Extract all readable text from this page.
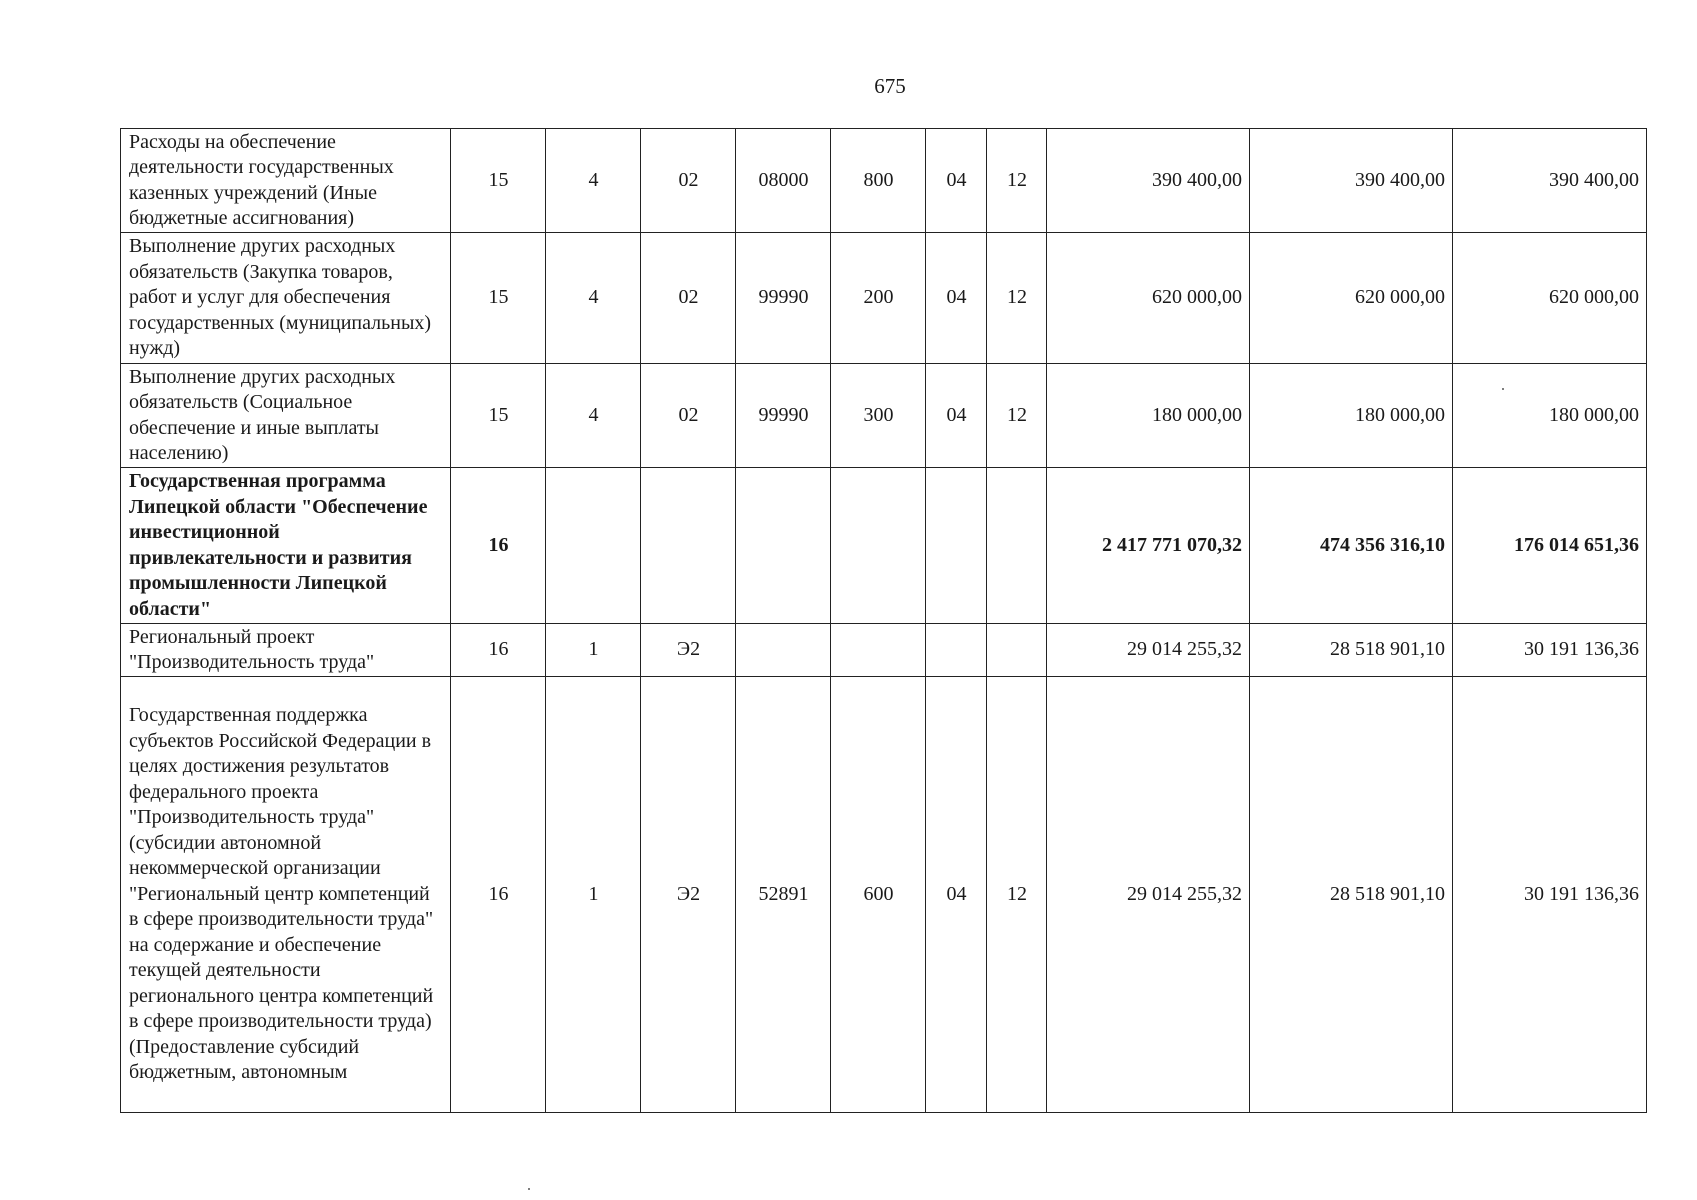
675
Расходы на обеспечение деятельности государственных казенных учреждений (Иные бюджетные ассигнования)	15	4	02	08000	800	04	12	390 400,00	390 400,00	390 400,00
Выполнение других расходных обязательств (Закупка товаров, работ и услуг для обеспечения государственных (муниципальных) нужд)	15	4	02	99990	200	04	12	620 000,00	620 000,00	620 000,00
Выполнение других расходных обязательств (Социальное обеспечение и иные выплаты населению)	15	4	02	99990	300	04	12	180 000,00	180 000,00	180 000,00
Государственная программа Липецкой области "Обеспечение инвестиционной привлекательности и развития промышленности Липецкой области"	16							2 417 771 070,32	474 356 316,10	176 014 651,36
Региональный проект "Производительность труда"	16	1	Э2					29 014 255,32	28 518 901,10	30 191 136,36
Государственная поддержка субъектов Российской Федерации в целях достижения результатов федерального проекта "Производительность труда" (субсидии автономной некоммерческой организации "Региональный центр компетенций в сфере производительности труда" на содержание и обеспечение текущей деятельности регионального центра компетенций в сфере производительности труда) (Предоставление субсидий бюджетным, автономным	16	1	Э2	52891	600	04	12	29 014 255,32	28 518 901,10	30 191 136,36
